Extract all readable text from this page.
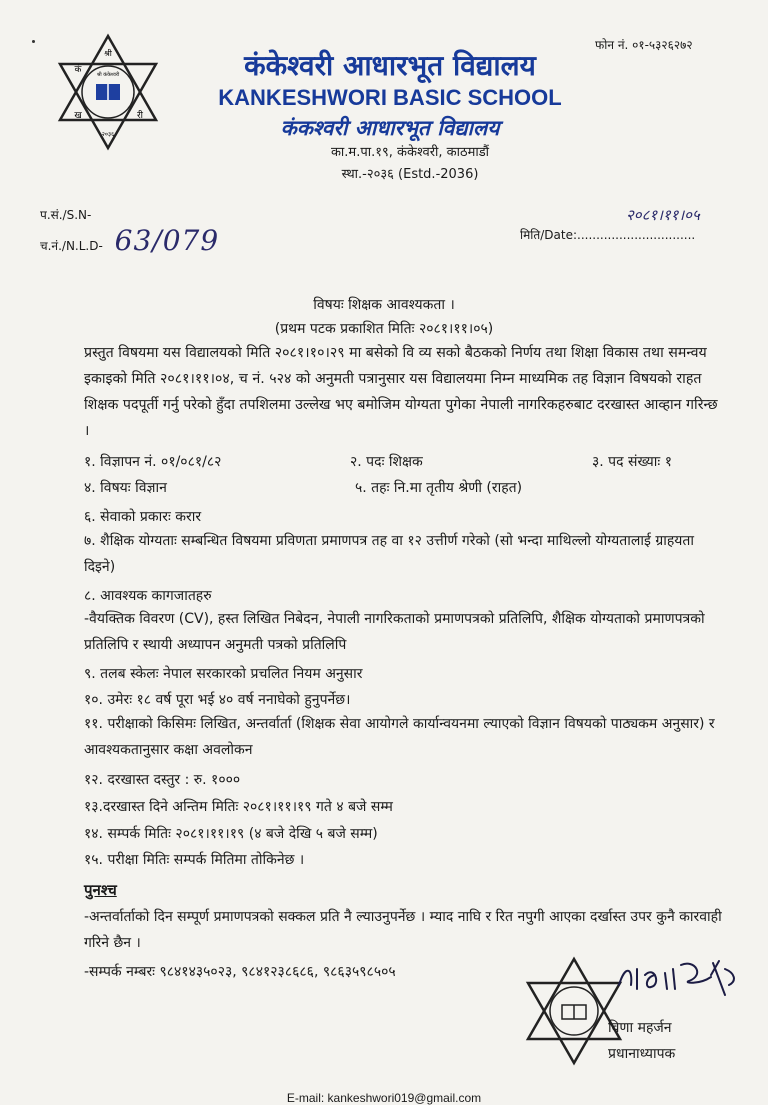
फोन नं. ०१-५३२६२७२
श्री
कं	श्री कंकेश्वरी
ख	री
२०३६
कंकेश्वरी आधारभूत विद्यालय
KANKESHWORI BASIC SCHOOL
कंकश्वरी आधारभूत विद्यालय
का.म.पा.१९, कंकेश्वरी, काठमाडौं
स्था.-२०३६ (Estd.-2036)
प.सं./S.N-
च.नं./N.L.D- 63/079
२०८१।११।०५
मिति/Date:...............................
विषयः शिक्षक आवश्यकता ।
(प्रथम पटक प्रकाशित मितिः २०८१।११।०५)

प्रस्तुत विषयमा यस विद्यालयको मिति २०८१।१०।२९ मा बसेको वि व्य सको बैठकको निर्णय तथा शिक्षा विकास तथा समन्वय इकाइको मिति २०८१।११।०४, च नं. ५२४ को अनुमती पत्रानुसार यस विद्यालयमा निम्न माध्यमिक तह विज्ञान विषयको राहत शिक्षक पदपूर्ती गर्नु परेको हुँदा तपशिलमा उल्लेख भए बमोजिम योग्यता पुगेका नेपाली नागरिकहरुबाट दरखास्त आव्हान गरिन्छ ।

१. विज्ञापन नं. ०१/०८१/८२	२. पदः शिक्षक	३. पद संख्याः १
४. विषयः विज्ञान	५. तहः नि.मा तृतीय श्रेणी (राहत)
६. सेवाको प्रकारः करार
७. शैक्षिक योग्यताः सम्बन्धित विषयमा प्रविणता प्रमाणपत्र तह वा १२ उत्तीर्ण गरेको (सो भन्दा माथिल्लो योग्यतालाई ग्राहयता दिइने)
८. आवश्यक कागजातहरु
-वैयक्तिक विवरण (CV), हस्त लिखित निबेदन, नेपाली नागरिकताको प्रमाणपत्रको प्रतिलिपि, शैक्षिक योग्यताको प्रमाणपत्रको प्रतिलिपि र स्थायी अध्यापन अनुमती पत्रको प्रतिलिपि
९. तलब स्केलः नेपाल सरकारको प्रचलित नियम अनुसार
१०. उमेरः १८ वर्ष पूरा भई ४० वर्ष ननाघेको हुनुपर्नेछ।
११. परीक्षाको किसिमः लिखित, अन्तर्वार्ता (शिक्षक सेवा आयोगले कार्यान्वयनमा ल्याएको विज्ञान विषयको पाठ्यकम अनुसार) र आवश्यकतानुसार कक्षा अवलोकन
१२. दरखास्त दस्तुर : रु. १०००
१३.दरखास्त दिने अन्तिम मितिः २०८१।११।१९ गते ४ बजे सम्म
१४. सम्पर्क मितिः २०८१।११।१९ (४ बजे देखि ५ बजे सम्म)
१५. परीक्षा मितिः सम्पर्क मितिमा तोकिनेछ ।
पुनश्च
-अन्तर्वार्ताको दिन सम्पूर्ण प्रमाणपत्रको सक्कल प्रति नै ल्याउनुपर्नेछ । म्याद नाघि र रित नपुगी आएका दर्खास्त उपर कुनै कारवाही गरिने छैन ।
-सम्पर्क नम्बरः ९८४१४३५०२३, ९८४१२३८६८६, ९८६३५९८५०५
विणा महर्जन
प्रधानाध्यापक
E-mail: kankeshwori019@gmail.com
